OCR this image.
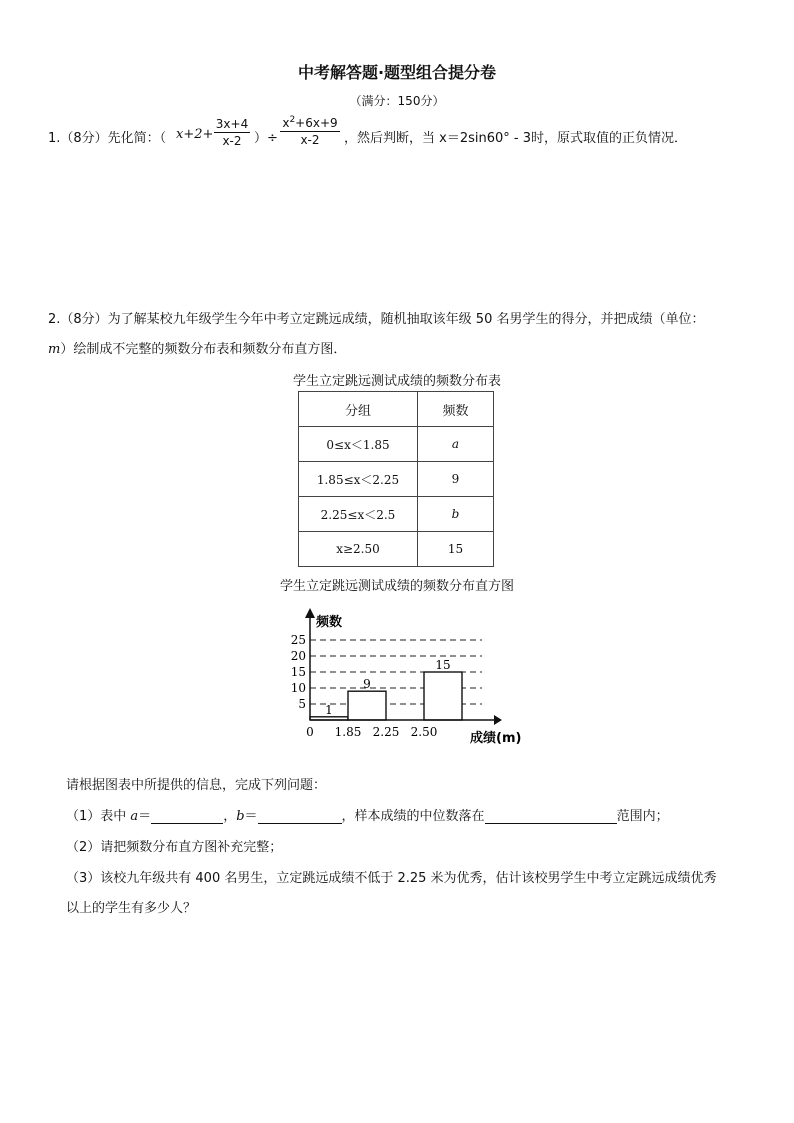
中考解答题·题型组合提分卷
（满分：150分）
1.（8分）先化简：（ x+2+
3x+4
x-2 ）÷
$x^2+6x+9$
x-2	，然后判断，当 x＝2sin60° - 3时，原式取值的正负情况．
2.（8分）为了解某校九年级学生今年中考立定跳远成绩，随机抽取该年级 50 名男学生的得分，并把成绩（单位：
m）绘制成不完整的频数分布表和频数分布直方图．
学生立定跳远测试成绩的频数分布表
分组	频数
0≤x＜1.85	a
1.85≤x＜2.25	9
2.25≤x＜2.5	b
x≥2.50	15
学生立定跳远测试成绩的频数分布直方图
频数
成绩(m)
5
10
15
20
25
0 1.85 2.25 2.50
1
9
15
请根据图表中所提供的信息，完成下列问题：
（1）表中 a＝	，b＝	，样本成绩的中位数落在	范围内；
（2）请把频数分布直方图补充完整；
（3）该校九年级共有 400 名男生，立定跳远成绩不低于 2.25 米为优秀，估计该校男学生中考立定跳远成绩优秀
以上的学生有多少人？
